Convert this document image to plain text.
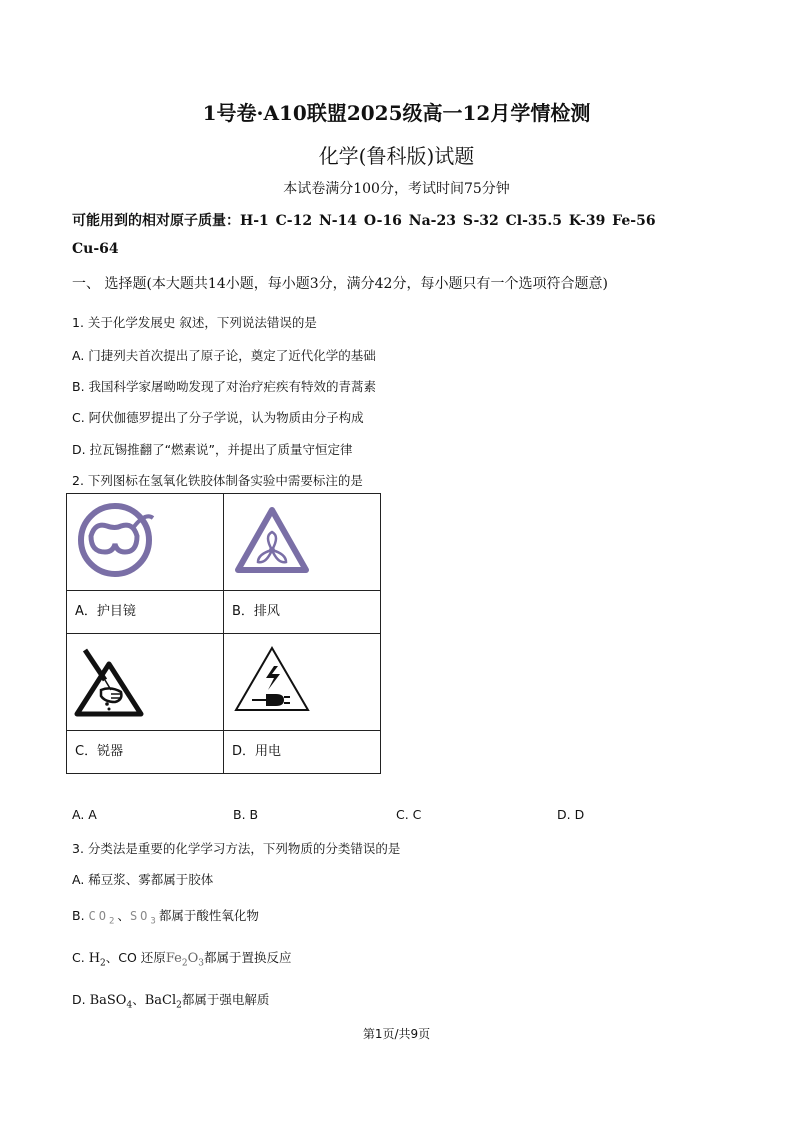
1号卷·A10联盟2025级高一12月学情检测
化学(鲁科版)试题
本试卷满分100分，考试时间75分钟
可能用到的相对原子质量：H-1 C-12 N-14 O-16 Na-23 S-32 Cl-35.5 K-39 Fe-56
Cu-64
一、 选择题(本大题共14小题，每小题3分，满分42分，每小题只有一个选项符合题意)
1. 关于化学发展史 叙述，下列说法错误的是
A. 门捷列夫首次提出了原子论，奠定了近代化学的基础
B. 我国科学家屠呦呦发现了对治疗疟疾有特效的青蒿素
C. 阿伏伽德罗提出了分子学说，认为物质由分子构成
D. 拉瓦锡推翻了“燃素说”，并提出了质量守恒定律
2. 下列图标在氢氧化铁胶体制备实验中需要标注的是

A．护目镜	B．排风

C．锐器	D．用电
A. A	B. B	C. C	D. D
3. 分类法是重要的化学学习方法，下列物质的分类错误的是
A. 稀豆浆、雾都属于胶体
B. $CO_2$、$SO_3$都属于酸性氧化物
C. $H_2$、CO 还原$Fe_2O_3$都属于置换反应
D. BaSO$_4$、BaCl$_2$都属于强电解质
第1页/共9页
